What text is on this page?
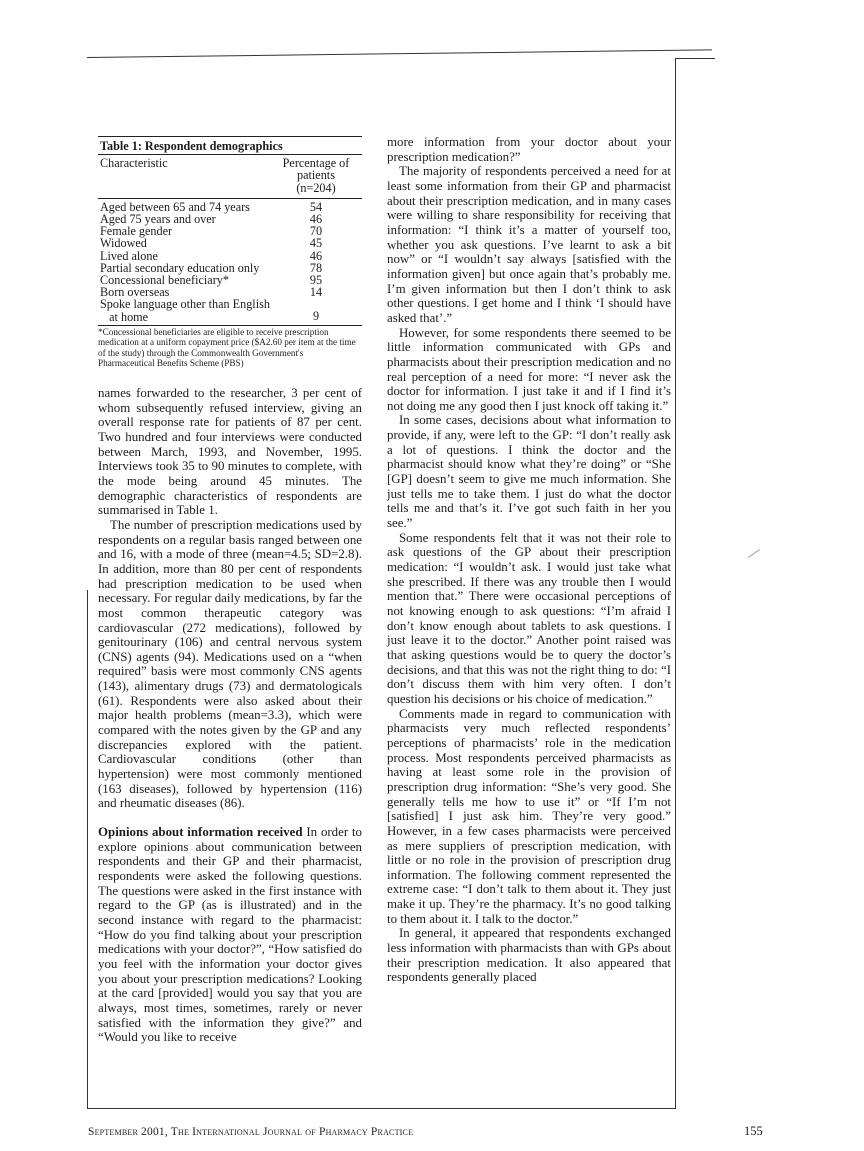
Table 1: Respondent demographics
Characteristic	Percentage of
patients
(n=204)
Aged between 65 and 74 years	54
Aged 75 years and over	46
Female gender	70
Widowed	45
Lived alone	46
Partial secondary education only	78
Concessional beneficiary*	95
Born overseas	14
Spoke language other than English
at home	9
*Concessional beneficiaries are eligible to receive prescription medication at a uniform copayment price ($A2.60 per item at the time of the study) through the Commonwealth Government's Pharmaceutical Benefits Scheme (PBS)

names forwarded to the researcher, 3 per cent of whom subsequently refused interview, giving an overall response rate for patients of 87 per cent. Two hundred and four interviews were conducted between March, 1993, and November, 1995. Interviews took 35 to 90 minutes to complete, with the mode being around 45 minutes. The demographic characteristics of respondents are summarised in Table 1.

The number of prescription medications used by respondents on a regular basis ranged between one and 16, with a mode of three (mean=4.5; SD=2.8). In addition, more than 80 per cent of respondents had prescription medication to be used when necessary. For regular daily medications, by far the most common therapeutic category was cardiovascular (272 medications), followed by genitourinary (106) and central nervous system (CNS) agents (94). Medications used on a “when required” basis were most commonly CNS agents (143), alimentary drugs (73) and dermatologicals (61). Respondents were also asked about their major health problems (mean=3.3), which were compared with the notes given by the GP and any discrepancies explored with the patient. Cardiovascular conditions (other than hypertension) were most commonly mentioned (163 diseases), followed by hypertension (116) and rheumatic diseases (86).

Opinions about information received In order to explore opinions about communication between respondents and their GP and their pharmacist, respondents were asked the following questions. The questions were asked in the first instance with regard to the GP (as is illustrated) and in the second instance with regard to the pharmacist: “How do you find talking about your prescription medications with your doctor?”, “How satisfied do you feel with the information your doctor gives you about your prescription medications? Looking at the card [provided] would you say that you are always, most times, sometimes, rarely or never satisfied with the information they give?” and “Would you like to receive

more information from your doctor about your prescription medication?”

The majority of respondents perceived a need for at least some information from their GP and pharmacist about their prescription medication, and in many cases were willing to share responsibility for receiving that information: “I think it’s a matter of yourself too, whether you ask questions. I’ve learnt to ask a bit now” or “I wouldn’t say always [satisfied with the information given] but once again that’s probably me. I’m given information but then I don’t think to ask other questions. I get home and I think ‘I should have asked that’.”

However, for some respondents there seemed to be little information communicated with GPs and pharmacists about their prescription medication and no real perception of a need for more: “I never ask the doctor for information. I just take it and if I find it’s not doing me any good then I just knock off taking it.”

In some cases, decisions about what information to provide, if any, were left to the GP: “I don’t really ask a lot of questions. I think the doctor and the pharmacist should know what they’re doing” or “She [GP] doesn’t seem to give me much information. She just tells me to take them. I just do what the doctor tells me and that’s it. I’ve got such faith in her you see.”

Some respondents felt that it was not their role to ask questions of the GP about their prescription medication: “I wouldn’t ask. I would just take what she prescribed. If there was any trouble then I would mention that.” There were occasional perceptions of not knowing enough to ask questions: “I’m afraid I don’t know enough about tablets to ask questions. I just leave it to the doctor.” Another point raised was that asking questions would be to query the doctor’s decisions, and that this was not the right thing to do: “I don’t discuss them with him very often. I don’t question his decisions or his choice of medication.”

Comments made in regard to communication with pharmacists very much reflected respondents’ perceptions of pharmacists’ role in the medication process. Most respondents perceived pharmacists as having at least some role in the provision of prescription drug information: “She’s very good. She generally tells me how to use it” or “If I’m not [satisfied] I just ask him. They’re very good.” However, in a few cases pharmacists were perceived as mere suppliers of prescription medication, with little or no role in the provision of prescription drug information. The following comment represented the extreme case: “I don’t talk to them about it. They just make it up. They’re the pharmacy. It’s no good talking to them about it. I talk to the doctor.”

In general, it appeared that respondents exchanged less information with pharmacists than with GPs about their prescription medication. It also appeared that respondents generally placed

September 2001, The International Journal of Pharmacy Practice	155
